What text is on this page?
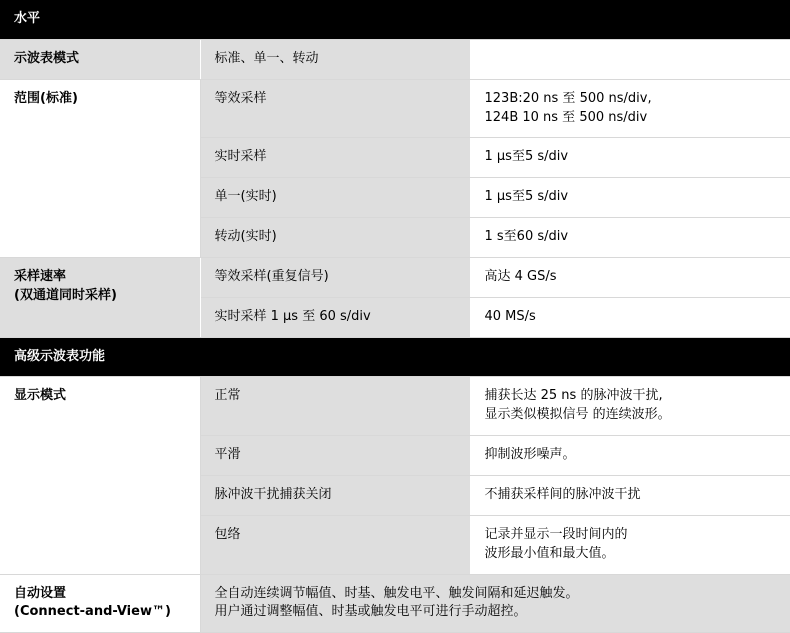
水平		
示波表模式	标准、单一、转动	
范围(标准)	等效采样	123B:20 ns 至 500 ns/div,
124B 10 ns 至 500 ns/div

	实时采样	1 µs至5 s/div
	单一(实时)	1 µs至5 s/div
	转动(实时)	1 s至60 s/div

采样速率
(双通道同时采样)	等效采样(重复信号)	高达 4 GS/s
	实时采样 1 µs 至 60 s/div	40 MS/s
高级示波表功能		
显示模式	正常	捕获长达 25 ns 的脉冲波干扰,
显示类似模拟信号 的连续波形。

	平滑	抑制波形噪声。
	脉冲波干扰捕获关闭	不捕获采样间的脉冲波干扰
	包络	记录并显示一段时间内的
波形最小值和最大值。

自动设置
(Connect-and-View™)	全自动连续调节幅值、时基、触发电平、触发间隔和延迟触发。
用户通过调整幅值、时基或触发电平可进行手动超控。	
